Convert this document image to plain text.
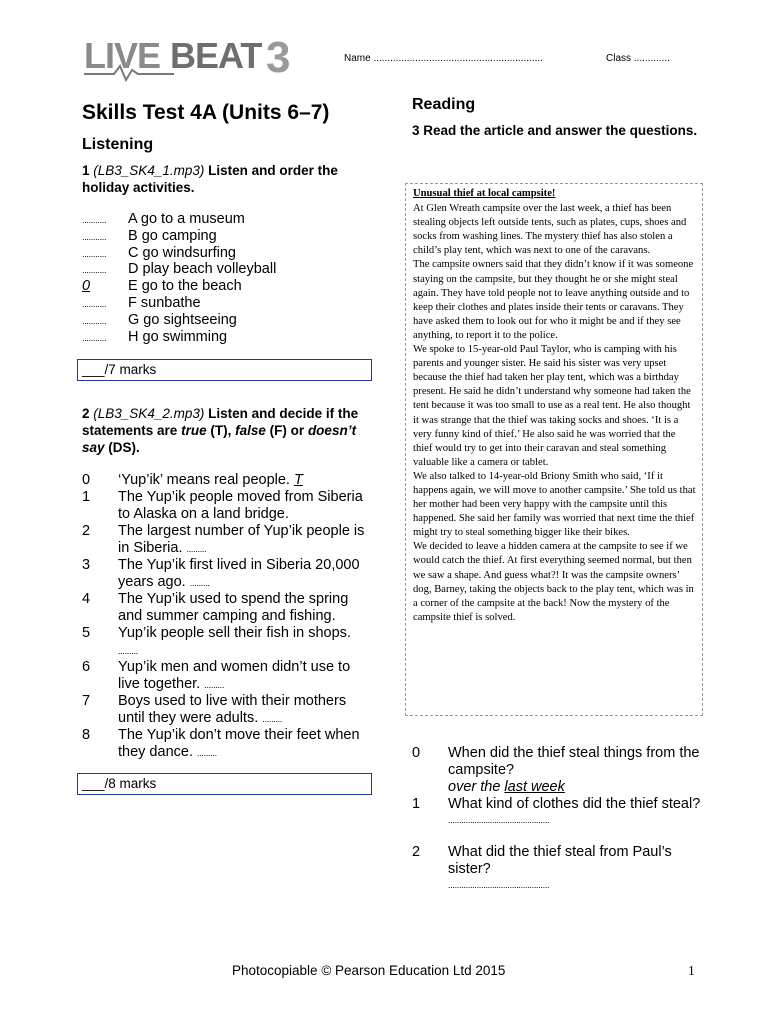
LIVE BEAT 3	Name .............................................................	Class .............
Skills Test 4A (Units 6–7)
Listening
1 (LB3_SK4_1.mp3) Listen and order the holiday activities.
........... A go to a museum
........... B go camping
........... C go windsurfing
........... D play beach volleyball
0	E go to the beach
........... F sunbathe
........... G go sightseeing
........... H go swimming
___/7 marks
2 (LB3_SK4_2.mp3) Listen and decide if the statements are true (T), false (F) or doesn’t say (DS).
0	‘Yup’ik’ means real people. T
1	The Yup’ik people moved from Siberia to Alaska on a land bridge.
2	The largest number of Yup’ik people is in Siberia. .........
3	The Yup’ik first lived in Siberia 20,000 years ago. .........
4	The Yup’ik used to spend the spring and summer camping and fishing.
5	Yup’ik people sell their fish in shops. .........
6	Yup’ik men and women didn’t use to live together. .........
7	Boys used to live with their mothers until they were adults. .........
8	The Yup’ik don’t move their feet when they dance. .........
___/8 marks
Reading
3 Read the article and answer the questions.
Unusual thief at local campsite!
At Glen Wreath campsite over the last week, a thief has been stealing objects left outside tents, such as plates, cups, shoes and socks from washing lines. The mystery thief has also stolen a child’s play tent, which was next to one of the caravans.
The campsite owners said that they didn’t know if it was someone staying on the campsite, but they thought he or she might steal again. They have told people not to leave anything outside and to keep their clothes and plates inside their tents or caravans. They have asked them to look out for who it might be and if they see anything, to report it to the police.
We spoke to 15-year-old Paul Taylor, who is camping with his parents and younger sister. He said his sister was very upset because the thief had taken her play tent, which was a birthday present. He said he didn’t understand why someone had taken the tent because it was too small to use as a real tent. He also thought it was strange that the thief was taking socks and shoes. ‘It is a very funny kind of thief.’ He also said he was worried that the thief would try to get into their caravan and steal something valuable like a camera or tablet.
We also talked to 14-year-old Briony Smith who said, ‘If it happens again, we will move to another campsite.’ She told us that her mother had been very happy with the campsite until this happened. She said her family was worried that next time the thief might try to steal something bigger like their bikes.
We decided to leave a hidden camera at the campsite to see if we would catch the thief. At first everything seemed normal, but then we saw a shape. And guess what?! It was the campsite owners’ dog, Barney, taking the objects back to the play tent, which was in a corner of the campsite at the back! Now the mystery of the campsite thief is solved.
0 When did the thief steal things from the campsite?
over the last week
1 What kind of clothes did the thief steal?
..............................................
2 What did the thief steal from Paul’s sister?
..............................................
Photocopiable © Pearson Education Ltd 2015	1
